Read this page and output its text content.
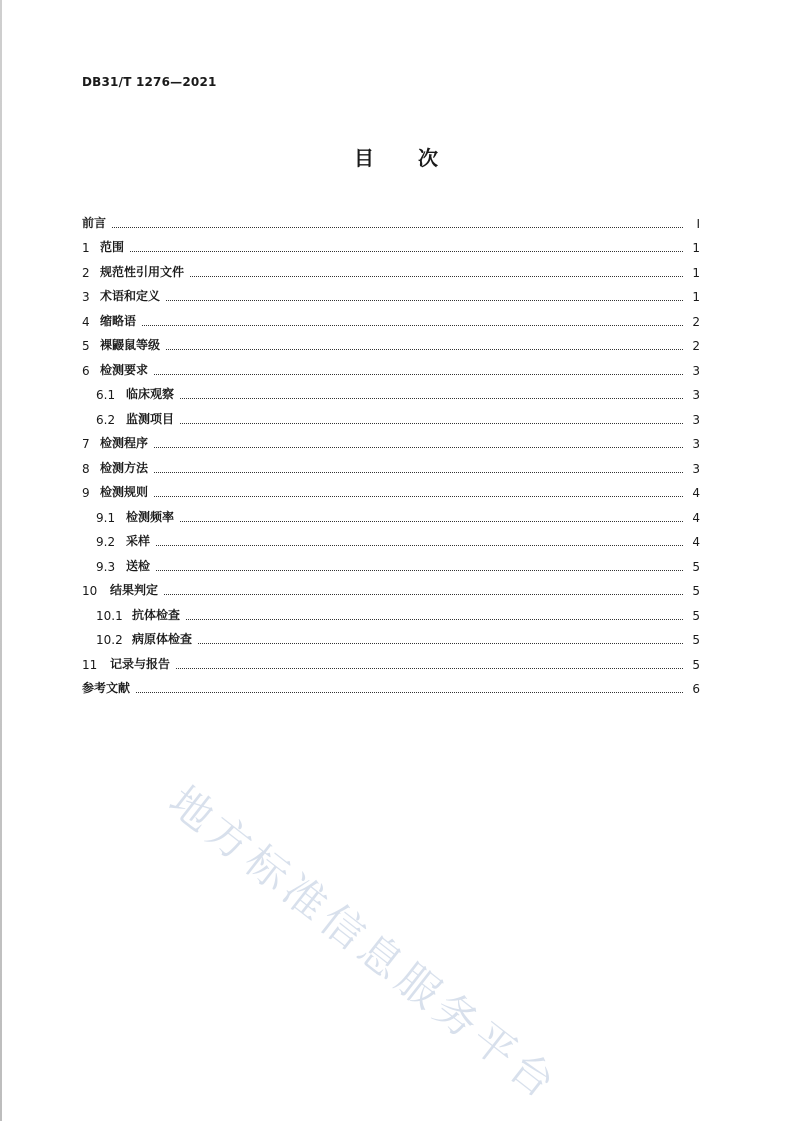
DB31/T 1276—2021
目 次
前言	I
1 范围	1
2 规范性引用文件	1
3 术语和定义	1
4 缩略语	2
5 裸鼹鼠等级	2
6 检测要求	3
6.1 临床观察	3
6.2 监测项目	3
7 检测程序	3
8 检测方法	3
9 检测规则	4
9.1 检测频率	4
9.2 采样	4
9.3 送检	5
10	结果判定	5
10.1 抗体检查	5
10.2 病原体检查	5
11	记录与报告	5
参考文献	6
地方标准信息服务平台
